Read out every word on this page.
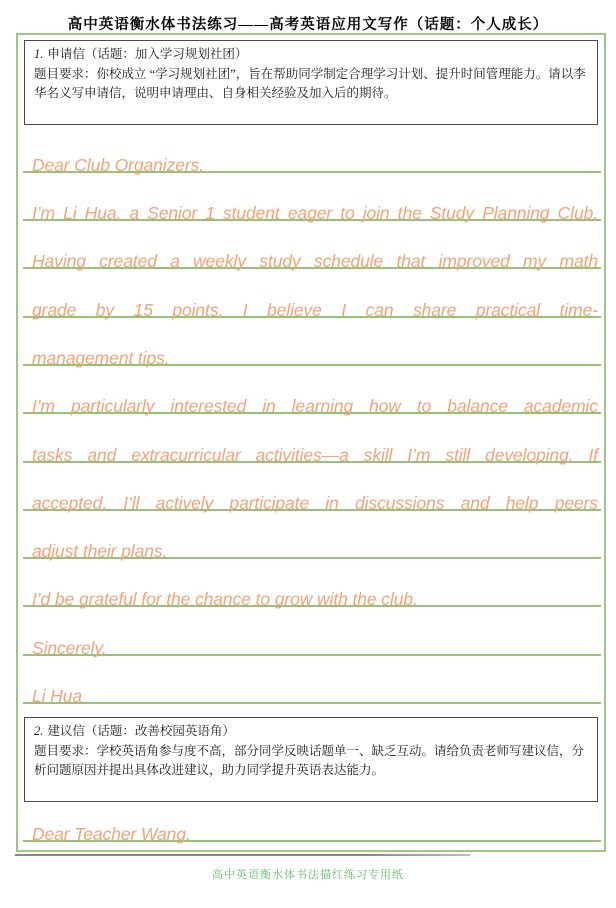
高中英语衡水体书法练习——高考英语应用文写作（话题：个人成长）
1. 申请信（话题：加入学习规划社团）
题目要求：你校成立 “学习规划社团”，旨在帮助同学制定合理学习计划、提升时间管理能力。请以李华名义写申请信，说明申请理由、自身相关经验及加入后的期待。
Dear Club Organizers,
I’m Li Hua, a Senior 1 student eager to join the Study Planning Club.
Having created a weekly study schedule that improved my math
grade by 15 points, I believe I can share practical time-
management tips.
I’m particularly interested in learning how to balance academic
tasks and extracurricular activities—a skill I’m still developing. If
accepted, I’ll actively participate in discussions and help peers
adjust their plans.
I’d be grateful for the chance to grow with the club.
Sincerely,
Li Hua
2. 建议信（话题：改善校园英语角）
题目要求：学校英语角参与度不高，部分同学反映话题单一、缺乏互动。请给负责老师写建议信，分析问题原因并提出具体改进建议，助力同学提升英语表达能力。
Dear Teacher Wang,
高中英语衡水体书法描红练习专用纸
